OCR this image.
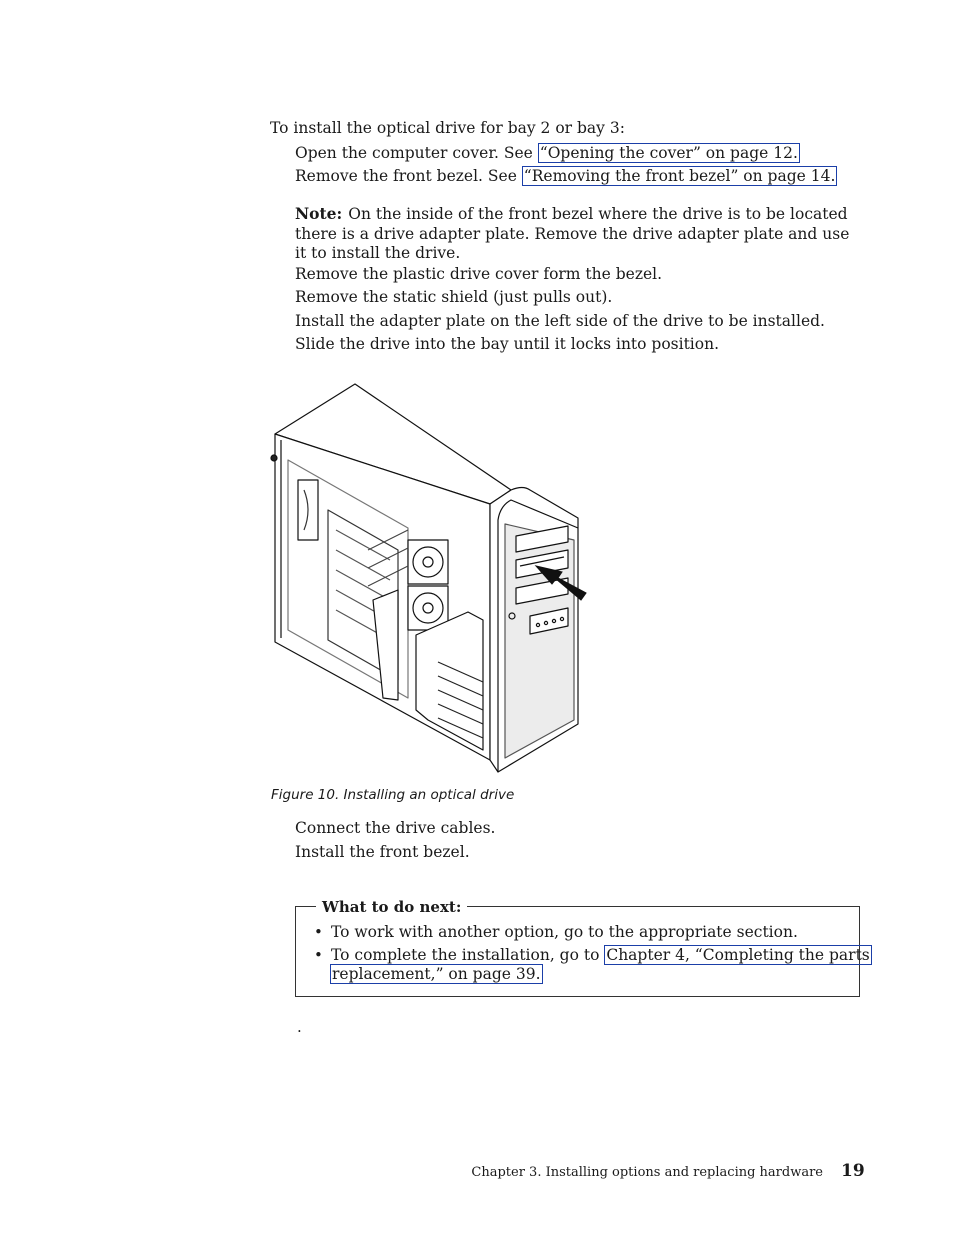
To install the optical drive for bay 2 or bay 3:
Open the computer cover. See “Opening the cover” on page 12.
Remove the front bezel. See “Removing the front bezel” on page 14.
Note: On the inside of the front bezel where the drive is to be located there is a drive adapter plate. Remove the drive adapter plate and use it to install the drive.
Remove the plastic drive cover form the bezel.
Remove the static shield (just pulls out).
Install the adapter plate on the left side of the drive to be installed.
Slide the drive into the bay until it locks into position.
Figure 10. Installing an optical drive
Connect the drive cables.
Install the front bezel.
What to do next:
• To work with another option, go to the appropriate section.
• To complete the installation, go to Chapter 4, “Completing the parts
replacement,” on page 39.
.
Chapter 3. Installing options and replacing hardware 19
